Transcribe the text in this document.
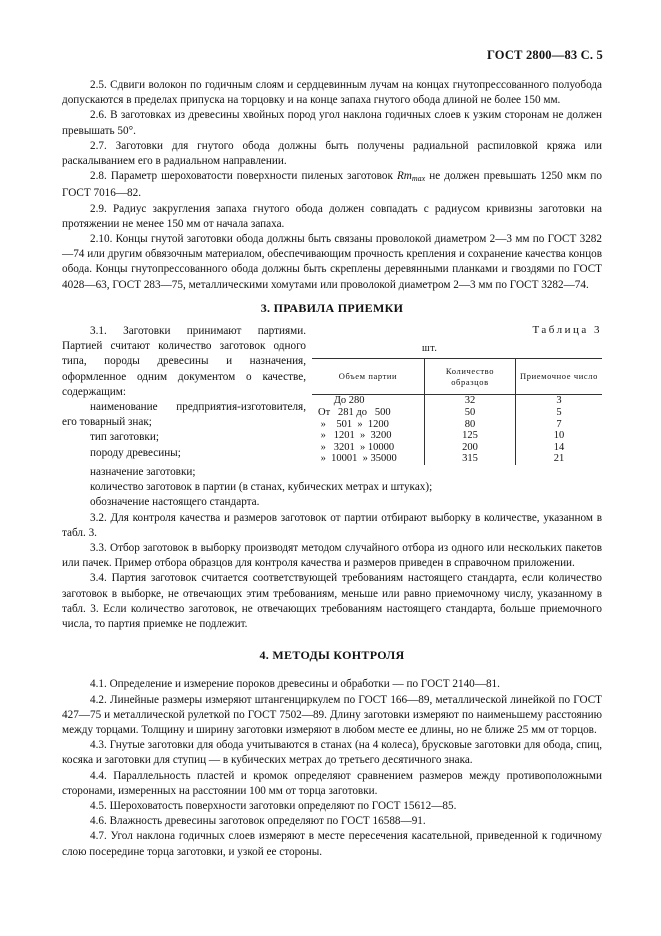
ГОСТ 2800—83 С. 5

2.5. Сдвиги волокон по годичным слоям и сердцевинным лучам на концах гнутопрессованного полуобода допускаются в пределах припуска на торцовку и на конце запаха гнутого обода длиной не более 150 мм.

2.6. В заготовках из древесины хвойных пород угол наклона годичных слоев к узким сторонам не должен превышать 50°.

2.7. Заготовки для гнутого обода должны быть получены радиальной распиловкой кряжа или раскалыванием его в радиальном направлении.

2.8. Параметр шероховатости поверхности пиленых заготовок $Rm_{max}$ не должен превышать 1250 мкм по ГОСТ 7016—82.

2.9. Радиус закругления запаха гнутого обода должен совпадать с радиусом кривизны заготовки на протяжении не менее 150 мм от начала запаха.

2.10. Концы гнутой заготовки обода должны быть связаны проволокой диаметром 2—3 мм по ГОСТ 3282—74 или другим обвязочным материалом, обеспечивающим прочность крепления и сохранение качества концов обода. Концы гнутопрессованного обода должны быть скреплены деревянными планками и гвоздями по ГОСТ 4028—63, ГОСТ 283—75, металлическими хомутами или проволокой диаметром 2—3 мм по ГОСТ 3282—74.

3. ПРАВИЛА ПРИЕМКИ

3.1. Заготовки принимают партиями. Партией считают количество заготовок одного типа, породы древесины и назначения, оформленное одним документом о качестве, содержащим:

наименование предприятия-изготовителя, его товарный знак;

тип заготовки;

породу древесины;

Таблица 3
шт.
Объем партии	Количество образцов	Приемочное число
До 280	32	3
От   281 до   500	50	5
»    501  »  1200	80	7
»   1201  »  3200	125	10
»   3201  » 10000	200	14
»  10001  » 35000	315	21

назначение заготовки;

количество заготовок в партии (в станах, кубических метрах и штуках);

обозначение настоящего стандарта.

3.2. Для контроля качества и размеров заготовок от партии отбирают выборку в количестве, указанном в табл. 3.

3.3. Отбор заготовок в выборку производят методом случайного отбора из одного или нескольких пакетов или пачек. Пример отбора образцов для контроля качества и размеров приведен в справочном приложении.

3.4. Партия заготовок считается соответствующей требованиям настоящего стандарта, если количество заготовок в выборке, не отвечающих этим требованиям, меньше или равно приемочному числу, указанному в табл. 3. Если количество заготовок, не отвечающих требованиям настоящего стандарта, больше приемочного числа, то партия приемке не подлежит.

4. МЕТОДЫ КОНТРОЛЯ

4.1. Определение и измерение пороков древесины и обработки — по ГОСТ 2140—81.

4.2. Линейные размеры измеряют штангенциркулем по ГОСТ 166—89, металлической линейкой по ГОСТ 427—75 и металлической рулеткой по ГОСТ 7502—89. Длину заготовки измеряют по наименьшему расстоянию между торцами. Толщину и ширину заготовки измеряют в любом месте ее длины, но не ближе 25 мм от торцов.

4.3. Гнутые заготовки для обода учитываются в станах (на 4 колеса), брусковые заготовки для обода, спиц, косяка и заготовки для ступиц — в кубических метрах до третьего десятичного знака.

4.4. Параллельность пластей и кромок определяют сравнением размеров между противоположными сторонами, измеренных на расстоянии 100 мм от торца заготовки.

4.5. Шероховатость поверхности заготовки определяют по ГОСТ 15612—85.

4.6. Влажность древесины заготовок определяют по ГОСТ 16588—91.

4.7. Угол наклона годичных слоев измеряют в месте пересечения касательной, приведенной к годичному слою посередине торца заготовки, и узкой ее стороны.
